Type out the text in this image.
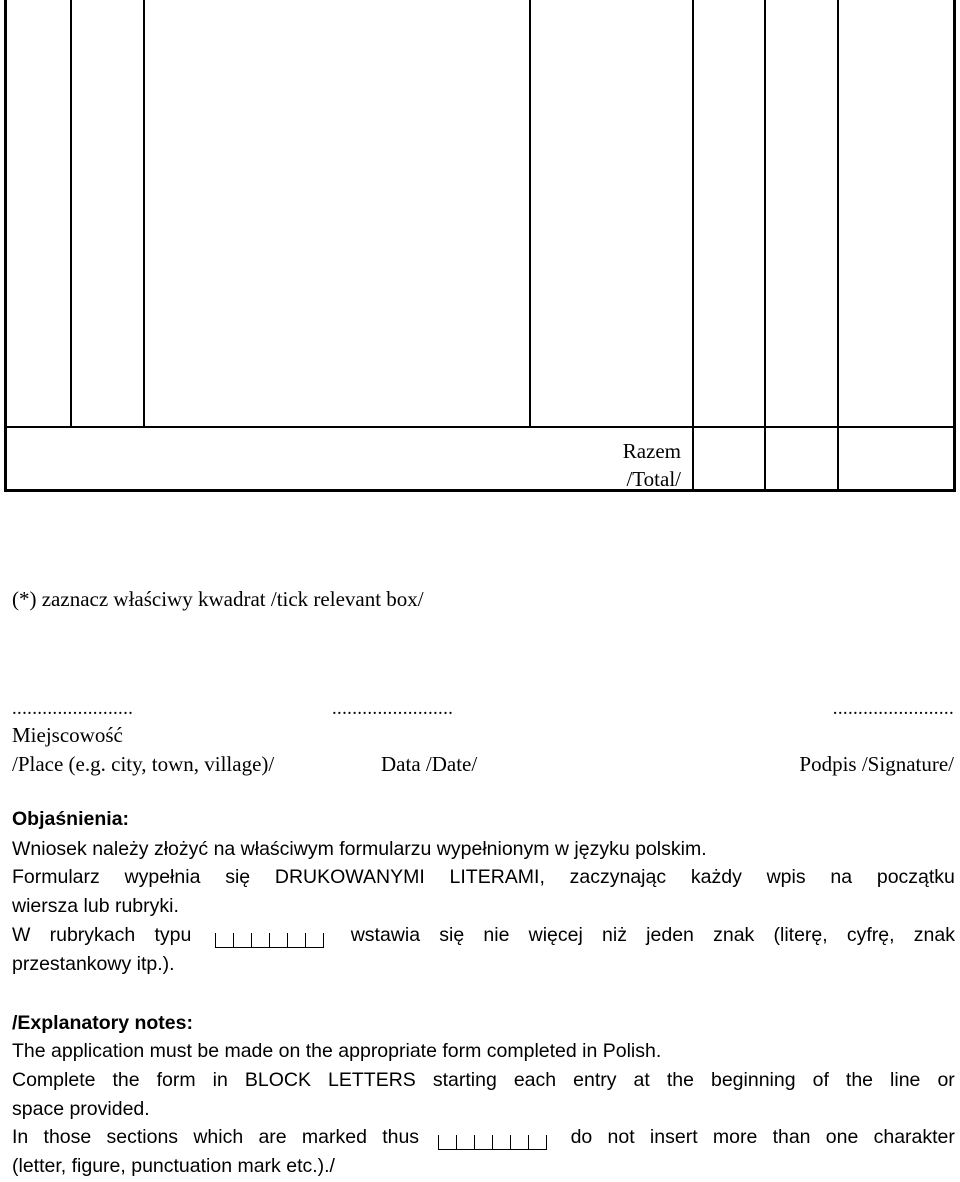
Razem
/Total/
(*) zaznacz właściwy kwadrat /tick relevant box/
........................	........................	........................
Miejscowość
/Place (e.g. city, town, village)/	Data /Date/	Podpis /Signature/
Objaśnienia:
Wniosek należy złożyć na właściwym formularzu wypełnionym w języku polskim.
Formularz wypełnia się DRUKOWANYMI LITERAMI, zaczynając każdy wpis na początku
wiersza lub rubryki.
W rubrykach typu	wstawia się nie więcej niż jeden znak (literę, cyfrę, znak
przestankowy itp.).
/Explanatory notes:
The application must be made on the appropriate form completed in Polish.
Complete the form in BLOCK LETTERS starting each entry at the beginning of the line or
space provided.
In those sections which are marked thus	do not insert more than one charakter
(letter, figure, punctuation mark etc.)./
